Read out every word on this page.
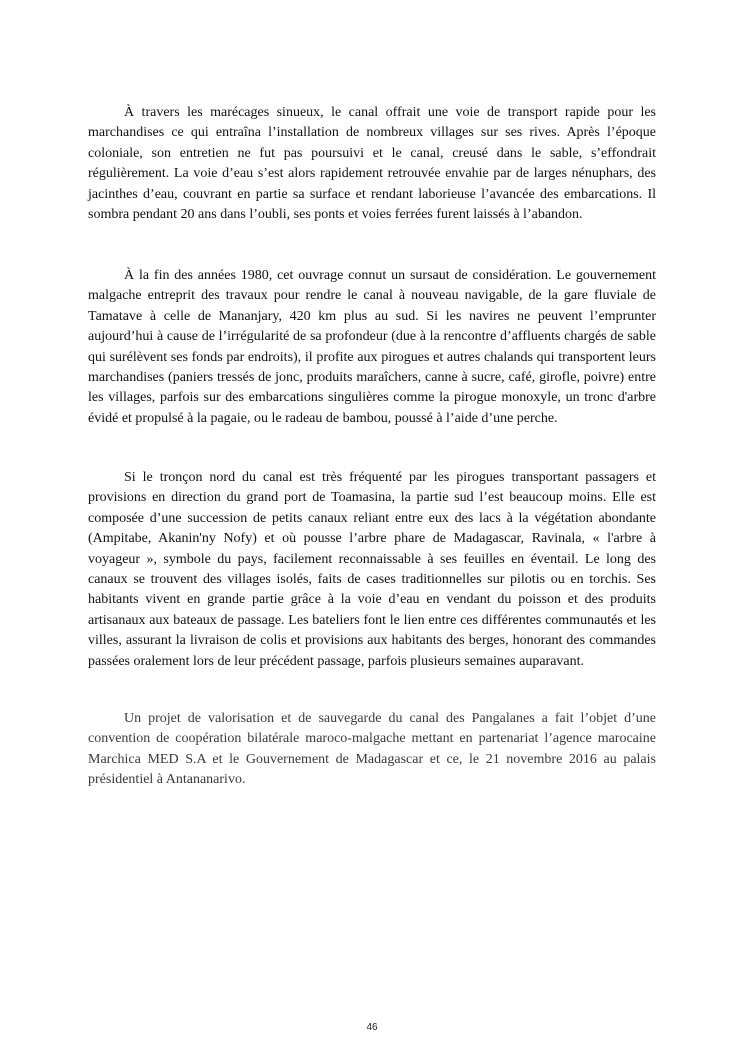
À travers les marécages sinueux, le canal offrait une voie de transport rapide pour les marchandises ce qui entraîna l’installation de nombreux villages sur ses rives. Après l’époque coloniale, son entretien ne fut pas poursuivi et le canal, creusé dans le sable, s’effondrait régulièrement. La voie d’eau s’est alors rapidement retrouvée envahie par de larges nénuphars, des jacinthes d’eau, couvrant en partie sa surface et rendant laborieuse l’avancée des embarcations. Il sombra pendant 20 ans dans l’oubli, ses ponts et voies ferrées furent laissés à l’abandon.

À la fin des années 1980, cet ouvrage connut un sursaut de considération. Le gouvernement malgache entreprit des travaux pour rendre le canal à nouveau navigable, de la gare fluviale de Tamatave à celle de Mananjary, 420 km plus au sud. Si les navires ne peuvent l’emprunter aujourd’hui à cause de l’irrégularité de sa profondeur (due à la rencontre d’affluents chargés de sable qui surélèvent ses fonds par endroits), il profite aux pirogues et autres chalands qui transportent leurs marchandises (paniers tressés de jonc, produits maraîchers, canne à sucre, café, girofle, poivre) entre les villages, parfois sur des embarcations singulières comme la pirogue monoxyle, un tronc d'arbre évidé et propulsé à la pagaie, ou le radeau de bambou, poussé à l’aide d’une perche.

Si le tronçon nord du canal est très fréquenté par les pirogues transportant passagers et provisions en direction du grand port de Toamasina, la partie sud l’est beaucoup moins. Elle est composée d’une succession de petits canaux reliant entre eux des lacs à la végétation abondante (Ampitabe, Akanin'ny Nofy) et où pousse l’arbre phare de Madagascar, Ravinala, « l'arbre à voyageur », symbole du pays, facilement reconnaissable à ses feuilles en éventail. Le long des canaux se trouvent des villages isolés, faits de cases traditionnelles sur pilotis ou en torchis. Ses habitants vivent en grande partie grâce à la voie d’eau en vendant du poisson et des produits artisanaux aux bateaux de passage. Les bateliers font le lien entre ces différentes communautés et les villes, assurant la livraison de colis et provisions aux habitants des berges, honorant des commandes passées oralement lors de leur précédent passage, parfois plusieurs semaines auparavant.

Un projet de valorisation et de sauvegarde du canal des Pangalanes a fait l’objet d’une convention de coopération bilatérale maroco-malgache mettant en partenariat l’agence marocaine Marchica MED S.A et le Gouvernement de Madagascar et ce, le 21 novembre 2016 au palais présidentiel à Antananarivo.

46
